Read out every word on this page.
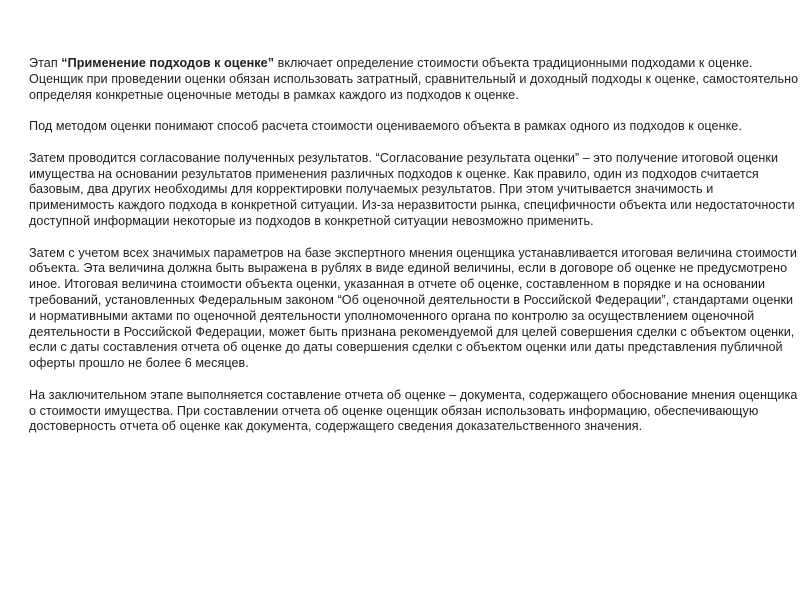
Этап “Применение подходов к оценке” включает определение стоимости объекта традиционными подходами к оценке. Оценщик при проведении оценки обязан использовать затратный, сравнительный и доходный подходы к оценке, самостоятельно определяя конкретные оценочные методы в рамках каждого из подходов к оценке.

Под методом оценки понимают способ расчета стоимости оцениваемого объекта в рамках одного из подходов к оценке.

Затем проводится согласование полученных результатов. “Согласование результата оценки” – это получение итоговой оценки имущества на основании результатов применения различных подходов к оценке. Как правило, один из подходов считается базовым, два других необходимы для корректировки получаемых результатов. При этом учитывается значимость и применимость каждого подхода в конкретной ситуации. Из-за неразвитости рынка, специфичности объекта или недостаточности доступной информации некоторые из подходов в конкретной ситуации невозможно применить.

Затем с учетом всех значимых параметров на базе экспертного мнения оценщика устанавливается итоговая величина стоимости объекта. Эта величина должна быть выражена в рублях в виде единой величины, если в договоре об оценке не предусмотрено иное. Итоговая величина стоимости объекта оценки, указанная в отчете об оценке, составленном в порядке и на основании требований, установленных Федеральным законом “Об оценочной деятельности в Российской Федерации”, стандартами оценки и нормативными актами по оценочной деятельности уполномоченного органа по контролю за осуществлением оценочной деятельности в Российской Федерации, может быть признана рекомендуемой для целей совершения сделки с объектом оценки, если с даты составления отчета об оценке до даты совершения сделки с объектом оценки или даты представления публичной оферты прошло не более 6 месяцев.

На заключительном этапе выполняется составление отчета об оценке – документа, содержащего обоснование мнения оценщика о стоимости имущества. При составлении отчета об оценке оценщик обязан использовать информацию, обеспечивающую достоверность отчета об оценке как документа, содержащего сведения доказательственного значения.
